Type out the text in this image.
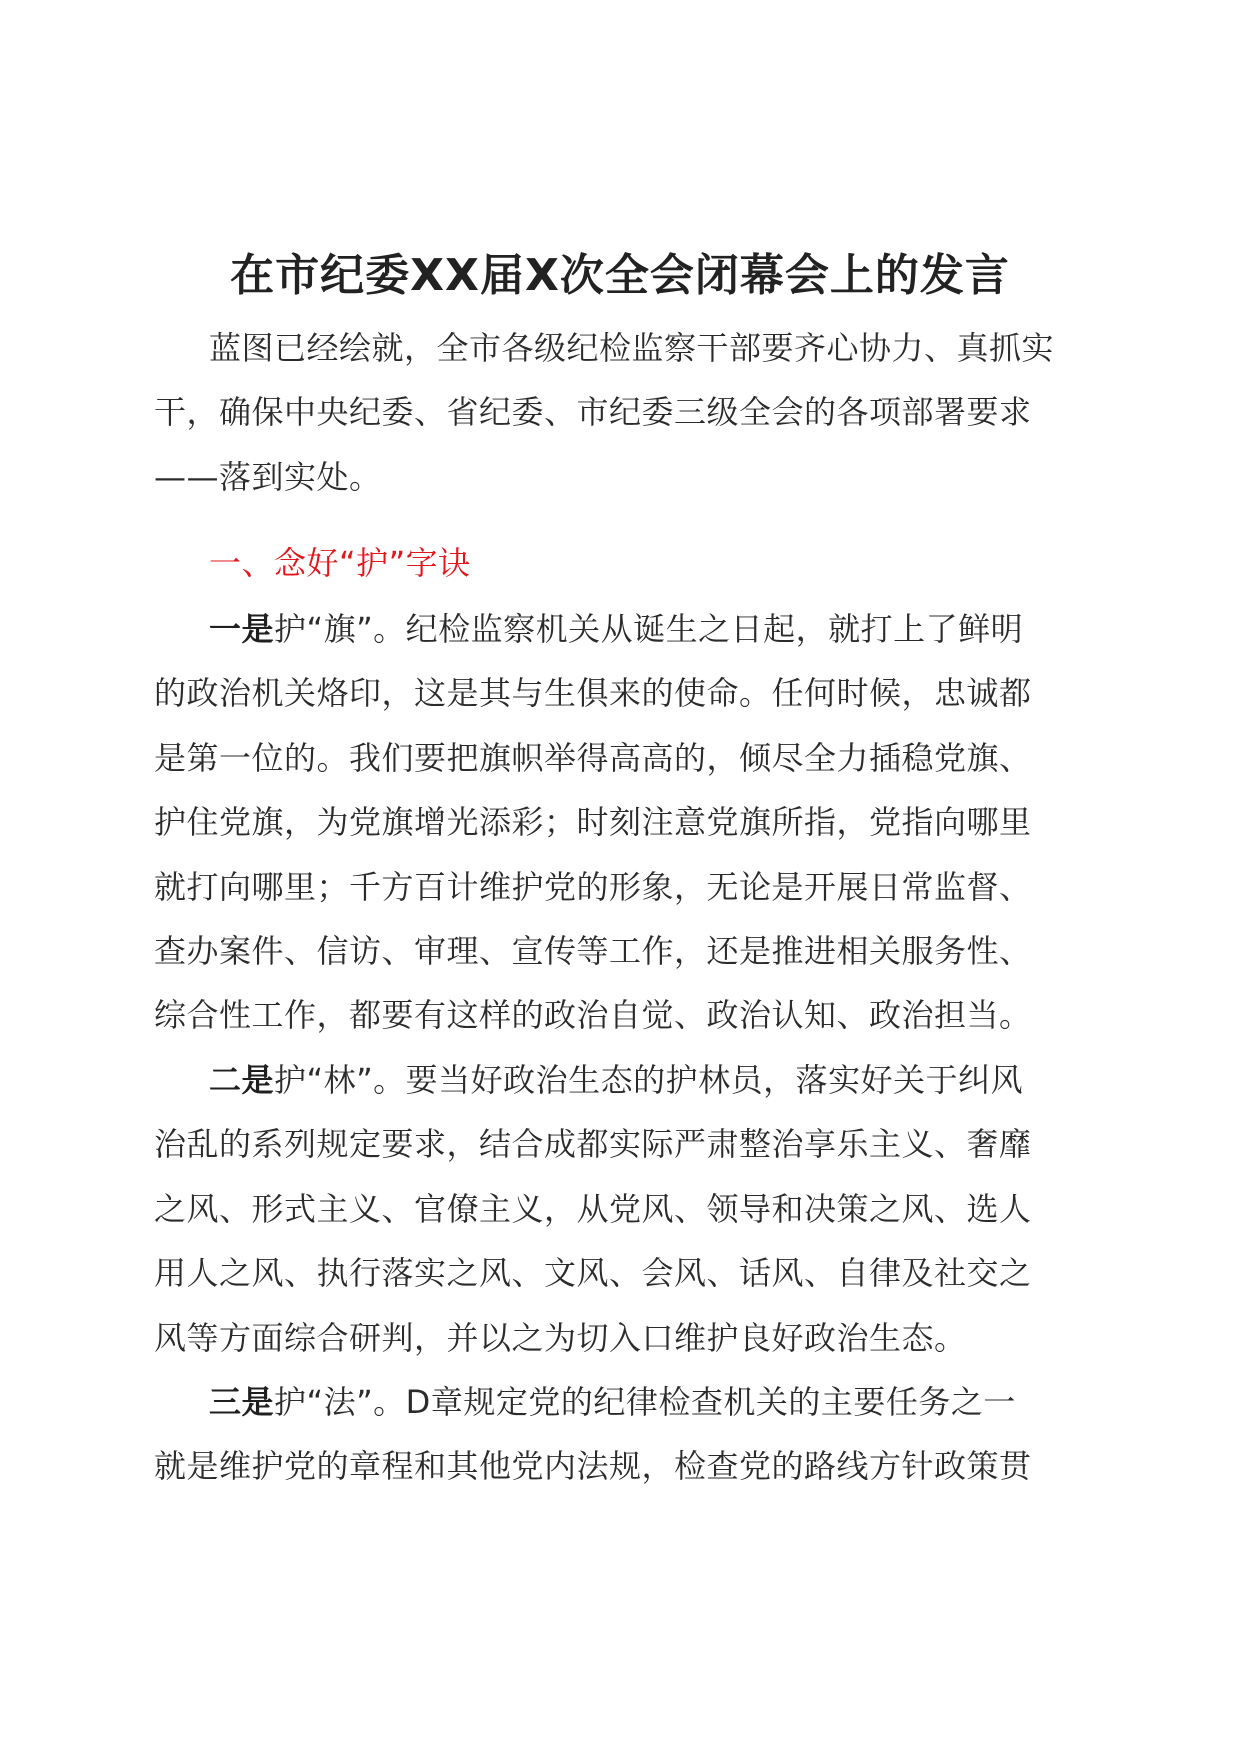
在市纪委XX届X次全会闭幕会上的发言
蓝图已经绘就，全市各级纪检监察干部要齐心协力、真抓实
干，确保中央纪委、省纪委、市纪委三级全会的各项部署要求
——落到实处。
一、念好“护”字诀
一是护“旗”。纪检监察机关从诞生之日起，就打上了鲜明
的政治机关烙印，这是其与生俱来的使命。任何时候，忠诚都
是第一位的。我们要把旗帜举得高高的，倾尽全力插稳党旗、
护住党旗，为党旗增光添彩；时刻注意党旗所指，党指向哪里
就打向哪里；千方百计维护党的形象，无论是开展日常监督、
查办案件、信访、审理、宣传等工作，还是推进相关服务性、
综合性工作，都要有这样的政治自觉、政治认知、政治担当。
二是护“林”。要当好政治生态的护林员，落实好关于纠风
治乱的系列规定要求，结合成都实际严肃整治享乐主义、奢靡
之风、形式主义、官僚主义，从党风、领导和决策之风、选人
用人之风、执行落实之风、文风、会风、话风、自律及社交之
风等方面综合研判，并以之为切入口维护良好政治生态。
三是护“法”。D章规定党的纪律检查机关的主要任务之一
就是维护党的章程和其他党内法规，检查党的路线方针政策贯
